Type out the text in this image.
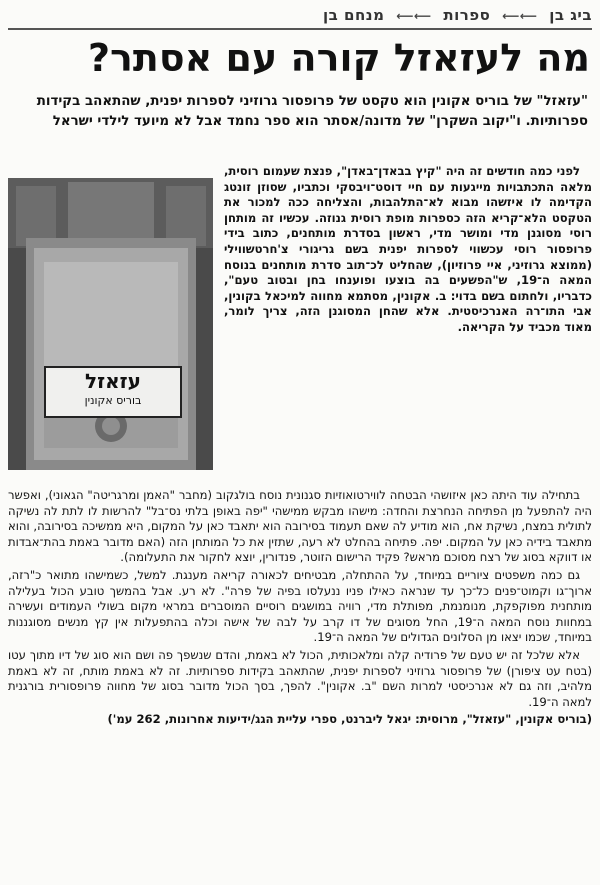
ביג בן ⟵⟵ ספרות ⟵⟵ מנחם בן
מה לעזאזל קורה עם אסתר?
"עזאזל" של בוריס אקונין הוא טקסט של פרופסור גרוזיני לספרות יפנית, שהתאהב בקידות ספרותיות. ו"יקוב השקרן" של מדונה/אסתר הוא ספר נחמד אבל לא מיועד לילדי ישראל
עזאזל
בוריס אקונין

לפני כמה חודשים זה היה "קיץ בבאדן־באדן", פנצת שעמום רוסית, מלאה התכתבויות מייגעות עם חיי דוסט־ויבסקי וכתביו, שסוזן זונטג הקדימה לו איזשהו מבוא לא־התלהבות, והצליחה ככה למכור את הטקסט הלא־קריא הזה כספרות מופת רוסית גנוזה. עכשיו זה מותחן רוסי מסוגנן מדי ומושר מדי, ראשון בסדרת מותחנים, כתוב בידי פרופסור רוסי עכשווי לספרות יפנית בשם גריגורי צ'חרטשווילי (ממוצא גרוזיני, איי פרוזיון), שהחליט לכ־תוב סדרת מותחנים בנוסח המאה ה־19, ש"הפשעים בה בוצעו ופוענחו בחן ובטוב טעם", כדבריו, ולחתום בשם בדוי: ב. אקונין, מסתמא מחווה למיכאל בקונין, אבי התו־רה האנרכיסטית. אלא שהחן המסוגנן הזה, צריך לומר, מאוד מכביד על הקריאה.

בתחילה עוד היתה כאן איזושהי הבטחה לווירטואוזיות סגנונית נוסח בולגקוב (מחבר "האמן ומרגריטה" הגאוני), ואפשר היה להתפעל מן הפתיחה הנחרצת והחדה: מישהו מבקש ממישהי "יפה באופן בלתי נס־בל" להרשות לו לתת לה נשיקה לתולית במצח, נשיקת אח, הוא מודיע לה שאם תעמוד בסירובה הוא יתאבד כאן על המקום, היא ממשיכה בסירובה, והוא מתאבד בידיה כאן על המקום. יפה. פתיחה בהחלט לא רעה, שתזין את כל המותחן הזה (האם מדובר באמת בהת־אבדות או דווקא בסוג של רצח מסוכם מראש? פקיד הרישום הזוטר, פנדורין, יוצא לחקור את התעלומה).

גם כמה משפטים ציוריים במיוחד, על ההתחלה, מבטיחים לכאורה קריאה מענגת. למשל, כשמישהו מתואר כ"רזה, ארוך־גו וקמוט־פנים כל־כך עד שנראה כאילו פניו ננעלסו בפיה של פרה". לא רע. אבל בהמשך טובע הכול בעלילה מותחנית מפוקפקת, מנומנמת, מפותלת מדי, רוויה במושגים רוסיים המוסברים במראי מקום בשולי העמודים ועשירה במחוות נוסח המאה ה־19, החל מסוגים של דו קרב על לבה של אישה וכלה בהתפעלות אין קץ מנשים מסוגננות במיוחד, שכמו יצאו מן הסלונים הגדולים של המאה ה־19.

אלא שלכל זה יש טעם של פרודיה קלה ומלאכותית, הכול לא באמת, והדם שנשפך פה ושם הוא סוג של דיו מתוך עטו (בטח עט ציפורן) של פרופסור גרוזיני לספרות יפנית, שהתאהב בקידות ספרותיות. זה לא באמת מותח, זה לא באמת מלהיב, וזה גם לא אנרכיסטי למרות השם "ב. אקונין". להפך, בסך הכול מדובר בסוג של מחווה פרופסורית בורגנית למאה ה־19.

(בוריס אקונין, "עזאזל", מרוסית: יגאל ליברנט, ספרי עליית הגג/ידיעות אחרונות, 262 עמ')
